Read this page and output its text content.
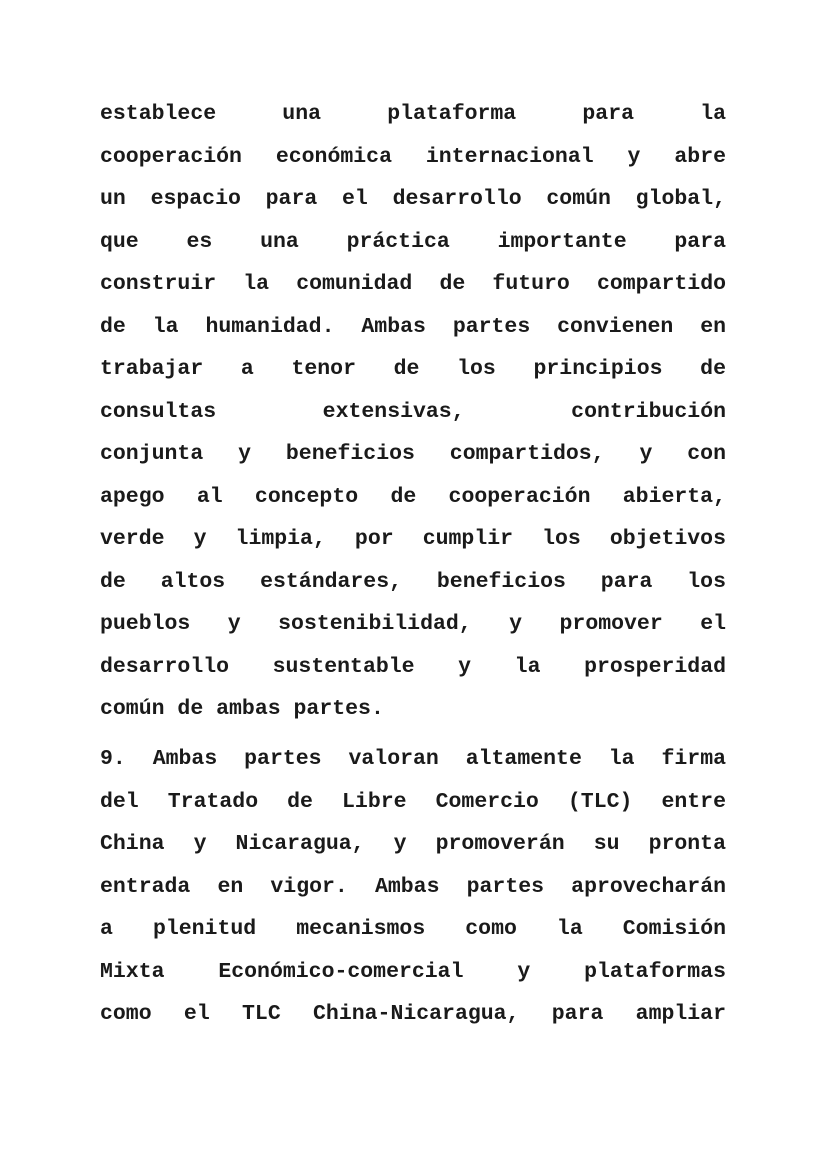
establece una plataforma para la
cooperación económica internacional y abre
un espacio para el desarrollo común global,
que es una práctica importante para
construir la comunidad de futuro compartido
de la humanidad. Ambas partes convienen en
trabajar a tenor de los principios de
consultas extensivas, contribución
conjunta y beneficios compartidos, y con
apego al concepto de cooperación abierta,
verde y limpia, por cumplir los objetivos
de altos estándares, beneficios para los
pueblos y sostenibilidad, y promover el
desarrollo sustentable y la prosperidad
común de ambas partes.
9. Ambas partes valoran altamente la firma
del Tratado de Libre Comercio (TLC) entre
China y Nicaragua, y promoverán su pronta
entrada en vigor. Ambas partes aprovecharán
a plenitud mecanismos como la Comisión
Mixta Económico-comercial y plataformas
como el TLC China-Nicaragua, para ampliar
